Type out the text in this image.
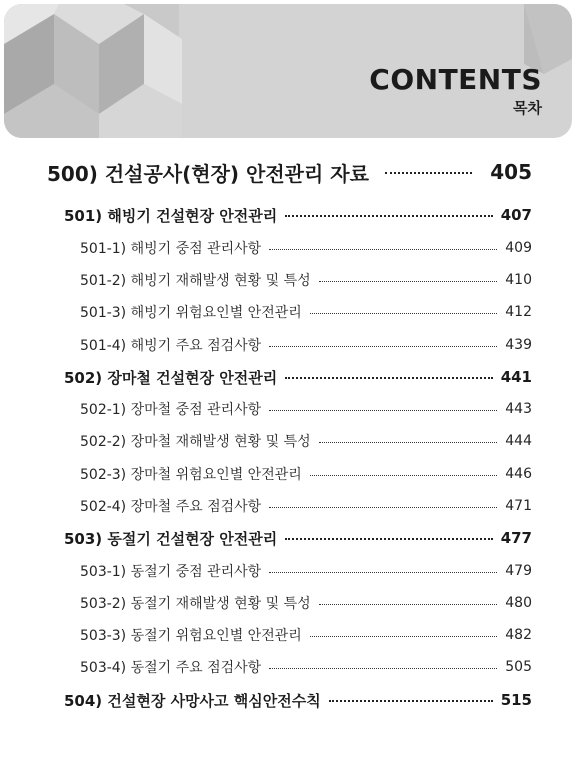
CONTENTS
목차
500) 건설공사(현장) 안전관리 자료	405
501) 해빙기 건설현장 안전관리	407
501-1) 해빙기 중점 관리사항	409
501-2) 해빙기 재해발생 현황 및 특성	410
501-3) 해빙기 위험요인별 안전관리	412
501-4) 해빙기 주요 점검사항	439
502) 장마철 건설현장 안전관리	441
502-1) 장마철 중점 관리사항	443
502-2) 장마철 재해발생 현황 및 특성	444
502-3) 장마철 위험요인별 안전관리	446
502-4) 장마철 주요 점검사항	471
503) 동절기 건설현장 안전관리	477
503-1) 동절기 중점 관리사항	479
503-2) 동절기 재해발생 현황 및 특성	480
503-3) 동절기 위험요인별 안전관리	482
503-4) 동절기 주요 점검사항	505
504) 건설현장 사망사고 핵심안전수칙	515
